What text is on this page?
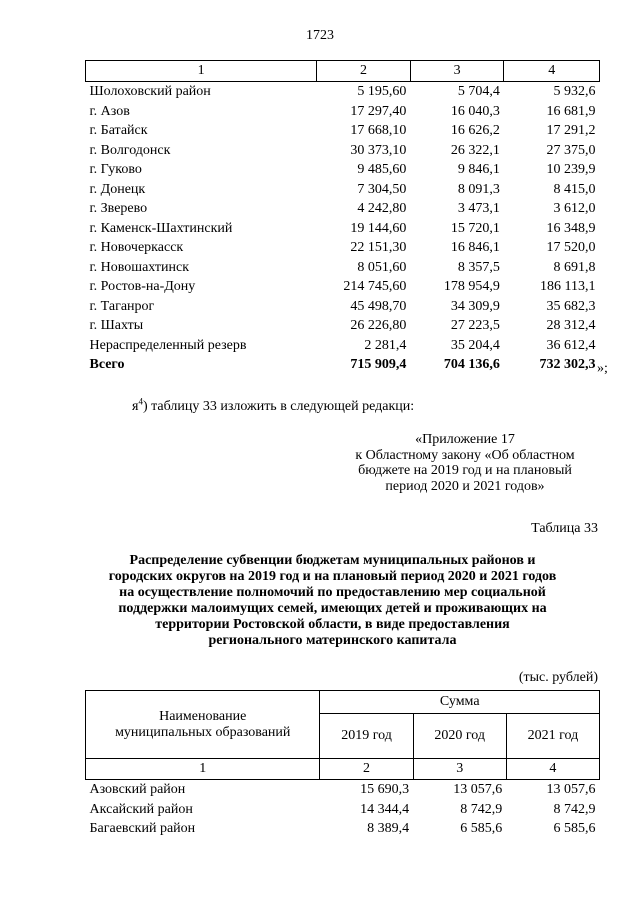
1723
1	2	3	4
Шолоховский район	5 195,60	5 704,4	5 932,6
г. Азов	17 297,40	16 040,3	16 681,9
г. Батайск	17 668,10	16 626,2	17 291,2
г. Волгодонск	30 373,10	26 322,1	27 375,0
г. Гуково	9 485,60	9 846,1	10 239,9
г. Донецк	7 304,50	8 091,3	8 415,0
г. Зверево	4 242,80	3 473,1	3 612,0
г. Каменск-Шахтинский	19 144,60	15 720,1	16 348,9
г. Новочеркасск	22 151,30	16 846,1	17 520,0
г. Новошахтинск	8 051,60	8 357,5	8 691,8
г. Ростов-на-Дону	214 745,60	178 954,9	186 113,1
г. Таганрог	45 498,70	34 309,9	35 682,3
г. Шахты	26 226,80	27 223,5	28 312,4
Нераспределенный резерв	2 281,4	35 204,4	36 612,4
Всего	715 909,4	704 136,6	732 302,3 »;
$я^4$) таблицу 33 изложить в следующей редакци:
«Приложение 17
к Областному закону «Об областном
бюджете на 2019 год и на плановый
период 2020 и 2021 годов»
Таблица 33
Распределение субвенции бюджетам муниципальных районов и
городских округов на 2019 год и на плановый период 2020 и 2021 годов
на осуществление полномочий по предоставлению мер социальной
поддержки малоимущих семей, имеющих детей и проживающих на
территории Ростовской области, в виде предоставления
регионального материнского капитала
(тыс. рублей)
Наименование
муниципальных образований	Сумма		
	2019 год	2020 год	2021 год
1	2	3	4
Азовский район	15 690,3	13 057,6	13 057,6
Аксайский район	14 344,4	8 742,9	8 742,9
Багаевский район	8 389,4	6 585,6	6 585,6
